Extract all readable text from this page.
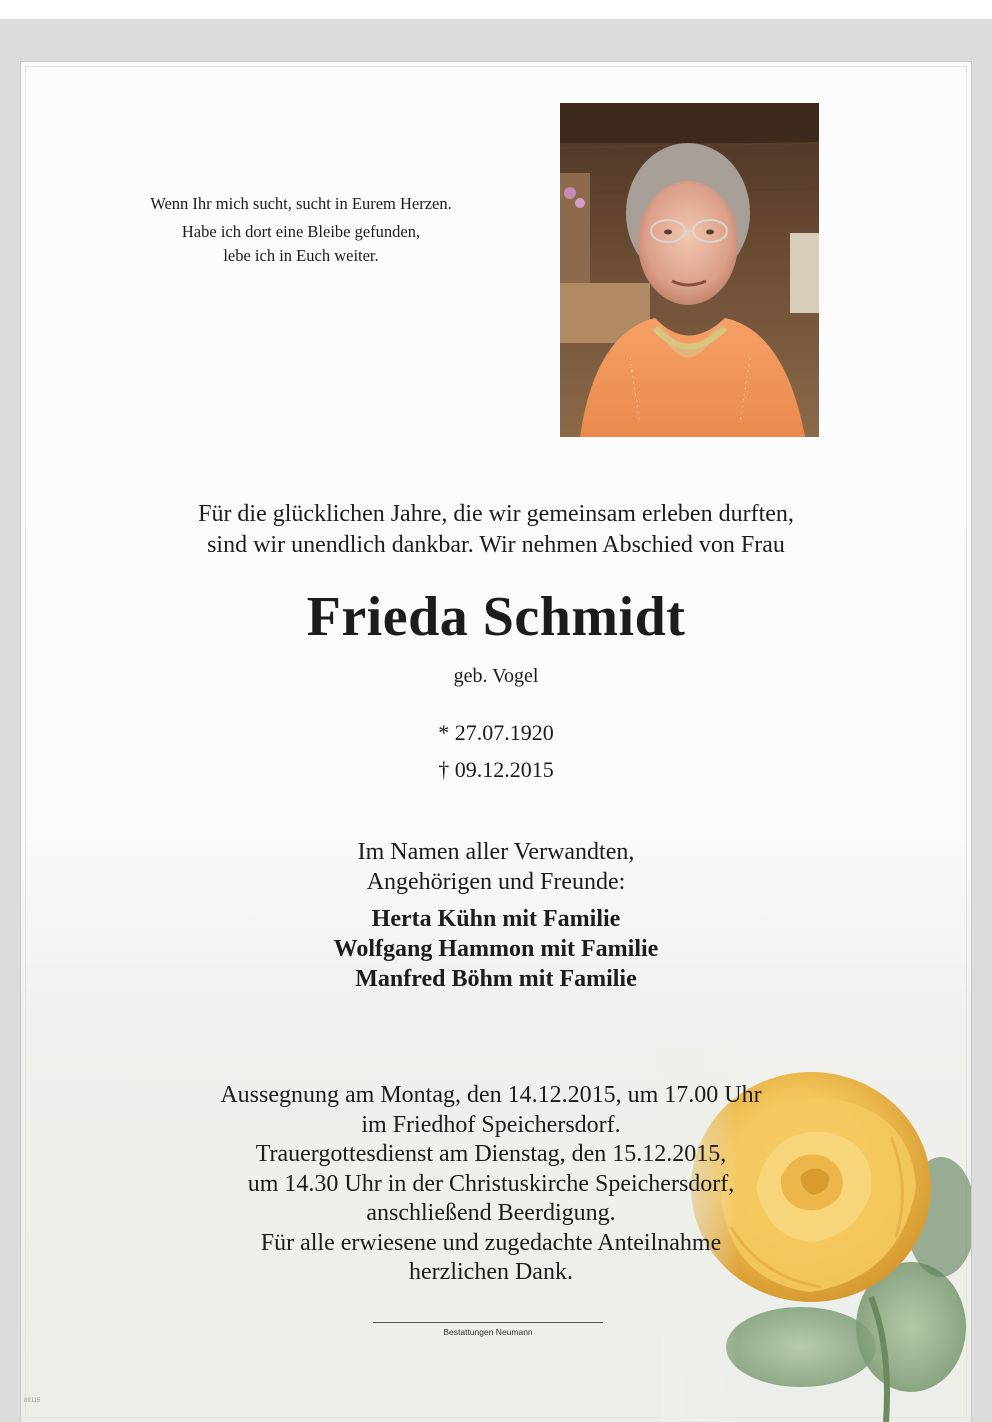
Wenn Ihr mich sucht, sucht in Eurem Herzen.
Habe ich dort eine Bleibe gefunden,
lebe ich in Euch weiter.
Für die glücklichen Jahre, die wir gemeinsam erleben durften,
sind wir unendlich dankbar. Wir nehmen Abschied von Frau
Frieda Schmidt
geb. Vogel
* 27.07.1920
† 09.12.2015
Im Namen aller Verwandten,
Angehörigen und Freunde:
Herta Kühn mit Familie
Wolfgang Hammon mit Familie
Manfred Böhm mit Familie
Aussegnung am Montag, den 14.12.2015, um 17.00 Uhr
im Friedhof Speichersdorf.
Trauergottesdienst am Dienstag, den 15.12.2015,
um 14.30 Uhr in der Christuskirche Speichersdorf,
anschließend Beerdigung.
Für alle erwiesene und zugedachte Anteilnahme
herzlichen Dank.
Bestattungen Neumann
89115
